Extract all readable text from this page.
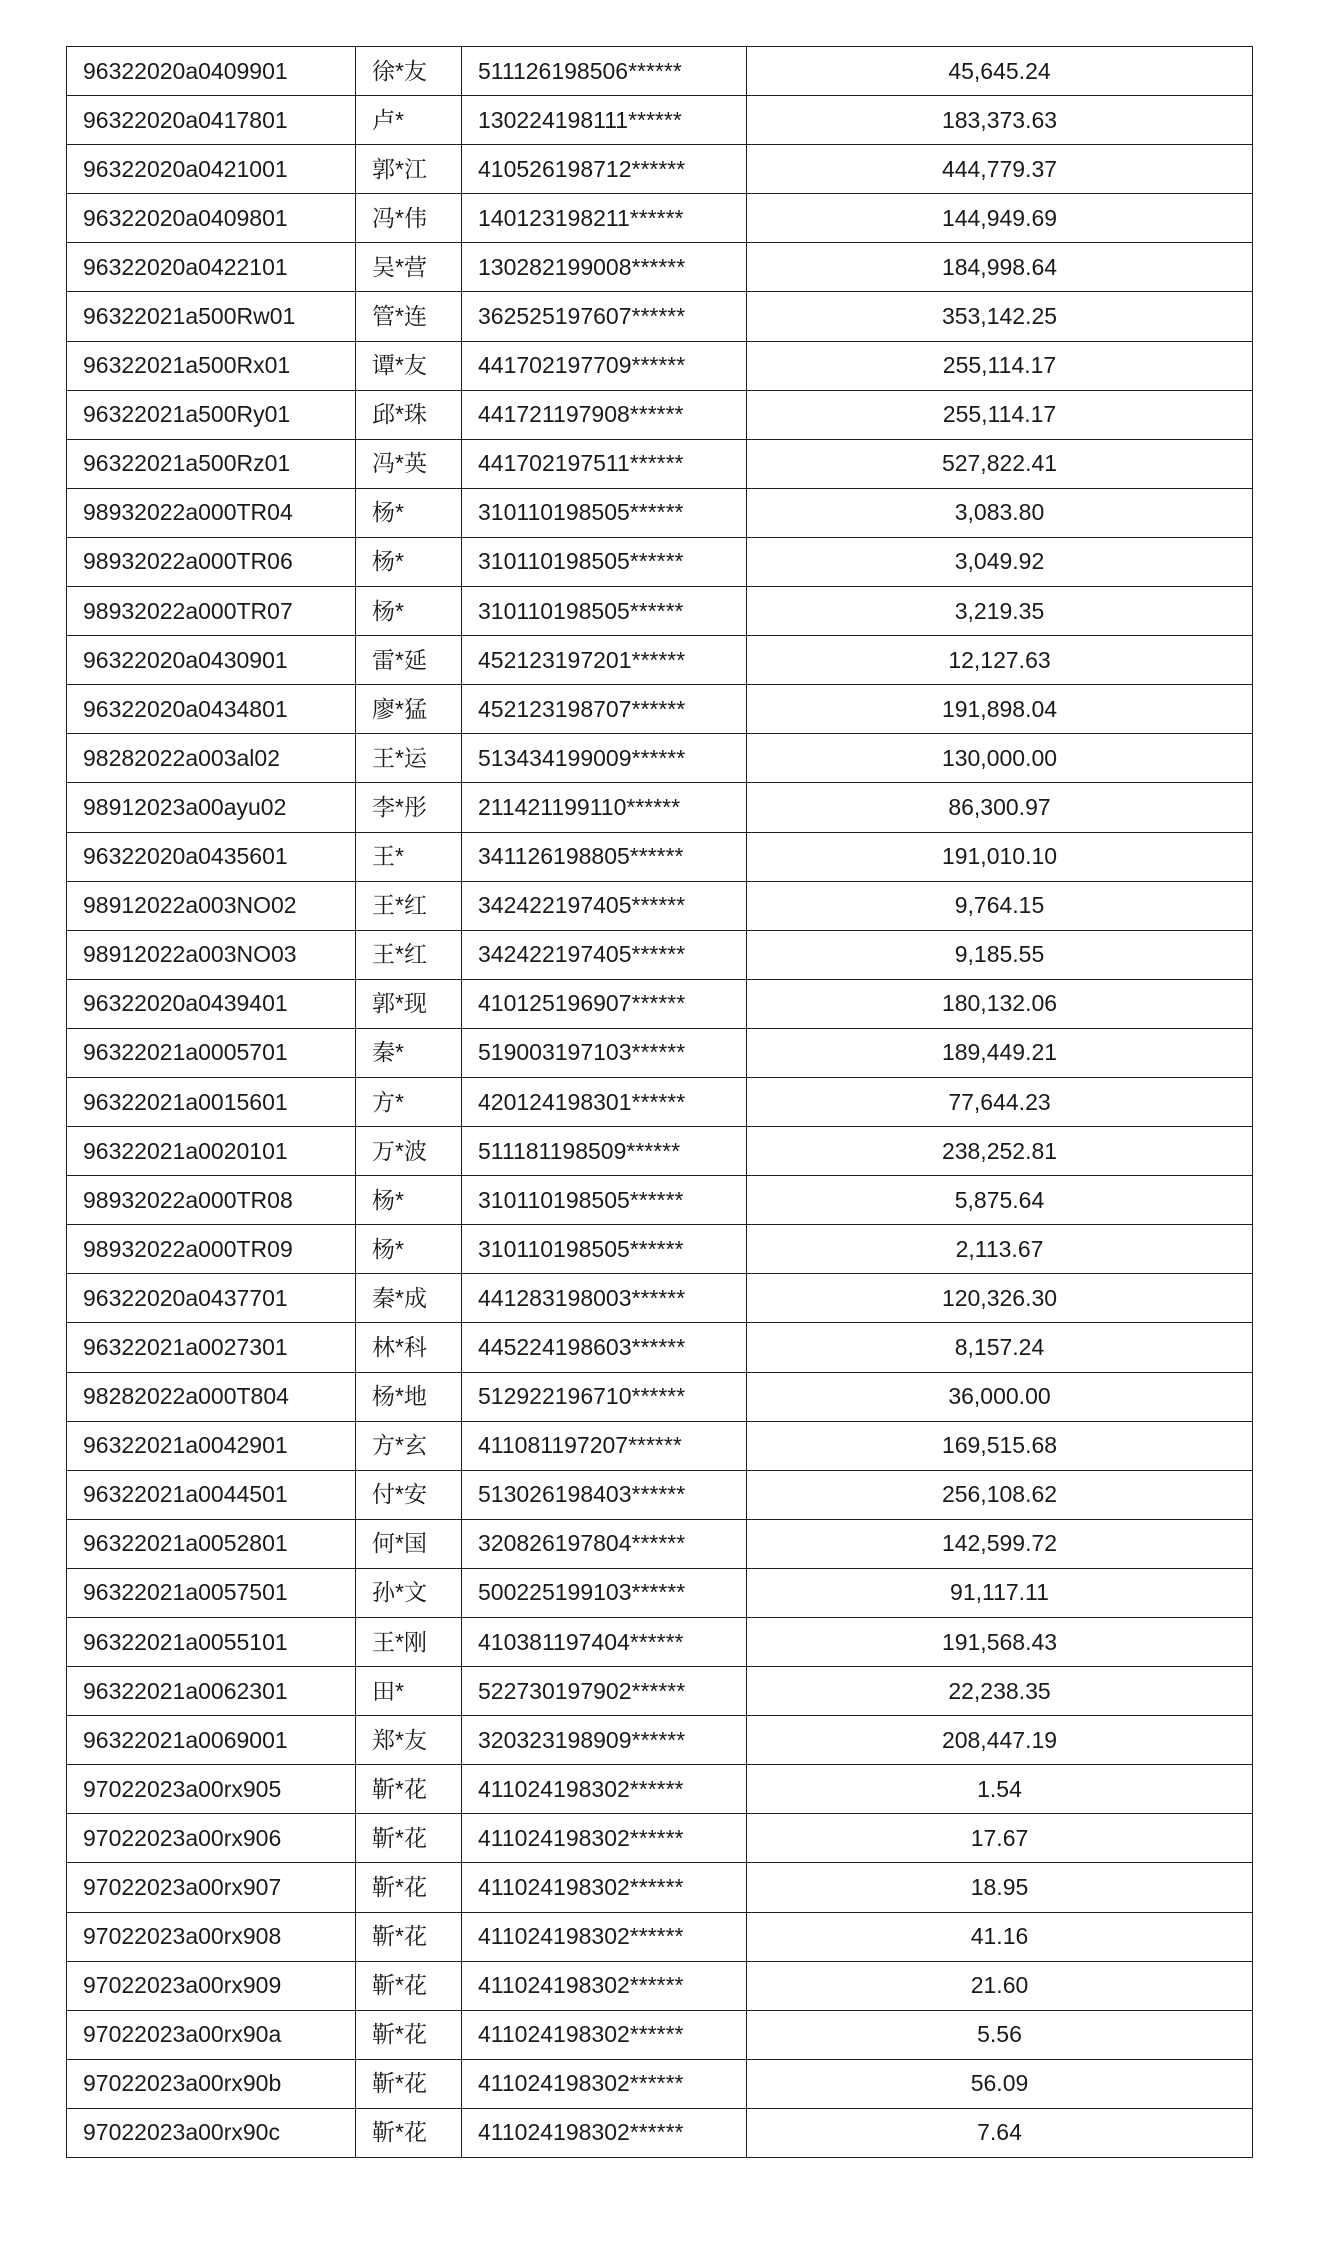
96322020a0409901	徐*友	511126198506******	45,645.24
96322020a0417801	卢*	130224198111******	183,373.63
96322020a0421001	郭*江	410526198712******	444,779.37
96322020a0409801	冯*伟	140123198211******	144,949.69
96322020a0422101	吴*营	130282199008******	184,998.64
96322021a500Rw01	管*连	362525197607******	353,142.25
96322021a500Rx01	谭*友	441702197709******	255,114.17
96322021a500Ry01	邱*珠	441721197908******	255,114.17
96322021a500Rz01	冯*英	441702197511******	527,822.41
98932022a000TR04	杨*	310110198505******	3,083.80
98932022a000TR06	杨*	310110198505******	3,049.92
98932022a000TR07	杨*	310110198505******	3,219.35
96322020a0430901	雷*延	452123197201******	12,127.63
96322020a0434801	廖*猛	452123198707******	191,898.04
98282022a003al02	王*运	513434199009******	130,000.00
98912023a00ayu02	李*彤	211421199110******	86,300.97
96322020a0435601	王*	341126198805******	191,010.10
98912022a003NO02	王*红	342422197405******	9,764.15
98912022a003NO03	王*红	342422197405******	9,185.55
96322020a0439401	郭*现	410125196907******	180,132.06
96322021a0005701	秦*	519003197103******	189,449.21
96322021a0015601	方*	420124198301******	77,644.23
96322021a0020101	万*波	511181198509******	238,252.81
98932022a000TR08	杨*	310110198505******	5,875.64
98932022a000TR09	杨*	310110198505******	2,113.67
96322020a0437701	秦*成	441283198003******	120,326.30
96322021a0027301	林*科	445224198603******	8,157.24
98282022a000T804	杨*地	512922196710******	36,000.00
96322021a0042901	方*玄	411081197207******	169,515.68
96322021a0044501	付*安	513026198403******	256,108.62
96322021a0052801	何*国	320826197804******	142,599.72
96322021a0057501	孙*文	500225199103******	91,117.11
96322021a0055101	王*刚	410381197404******	191,568.43
96322021a0062301	田*	522730197902******	22,238.35
96322021a0069001	郑*友	320323198909******	208,447.19
97022023a00rx905	靳*花	411024198302******	1.54
97022023a00rx906	靳*花	411024198302******	17.67
97022023a00rx907	靳*花	411024198302******	18.95
97022023a00rx908	靳*花	411024198302******	41.16
97022023a00rx909	靳*花	411024198302******	21.60
97022023a00rx90a	靳*花	411024198302******	5.56
97022023a00rx90b	靳*花	411024198302******	56.09
97022023a00rx90c	靳*花	411024198302******	7.64
